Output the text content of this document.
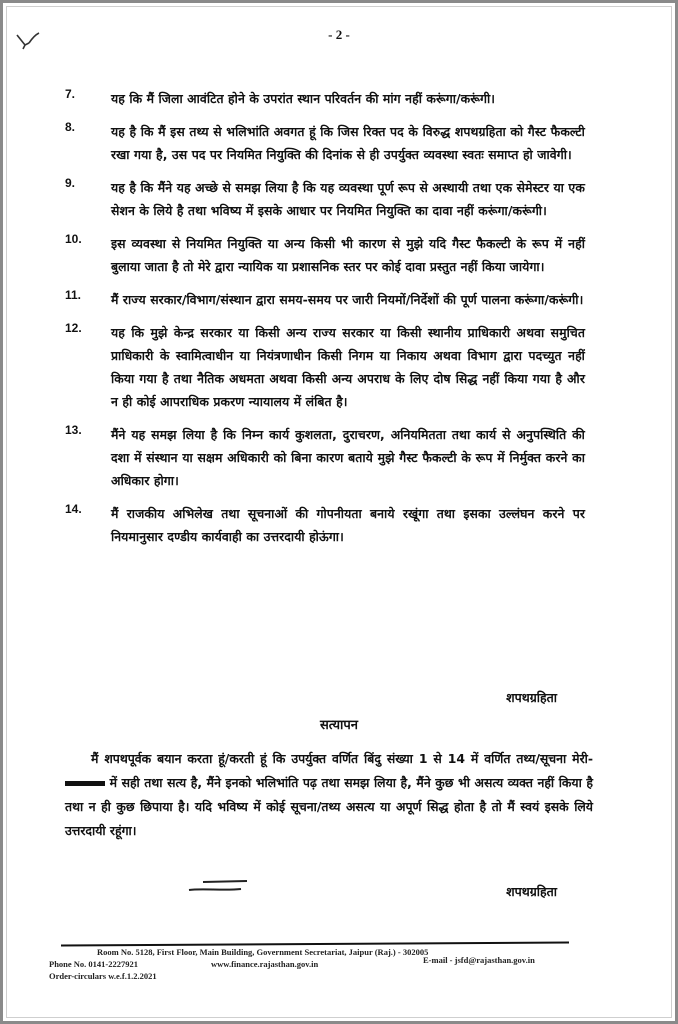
- 2 -
7.	यह कि मैं जिला आवंटित होने के उपरांत स्थान परिवर्तन की मांग नहीं करूंगा/करूंगी।
8.	यह है कि मैं इस तथ्य से भलिभांति अवगत हूं कि जिस रिक्त पद के विरुद्ध शपथग्रहिता को गैस्ट फैकल्टी रखा गया है, उस पद पर नियमित नियुक्ति की दिनांक से ही उपर्युक्त व्यवस्था स्वतः समाप्त हो जावेगी।
9.	यह है कि मैंने यह अच्छे से समझ लिया है कि यह व्यवस्था पूर्ण रूप से अस्थायी तथा एक सेमेस्टर या एक सेशन के लिये है तथा भविष्य में इसके आधार पर नियमित नियुक्ति का दावा नहीं करूंगा/करूंगी।
10. इस व्यवस्था से नियमित नियुक्ति या अन्य किसी भी कारण से मुझे यदि गैस्ट फैकल्टी के रूप में नहीं बुलाया जाता है तो मेरे द्वारा न्यायिक या प्रशासनिक स्तर पर कोई दावा प्रस्तुत नहीं किया जायेगा।
11. मैं राज्य सरकार/विभाग/संस्थान द्वारा समय-समय पर जारी नियमों/निर्देशों की पूर्ण पालना करूंगा/करूंगी।
12. यह कि मुझे केन्द्र सरकार या किसी अन्य राज्य सरकार या किसी स्थानीय प्राधिकारी अथवा समुचित प्राधिकारी के स्वामित्वाधीन या नियंत्रणाधीन किसी निगम या निकाय अथवा विभाग द्वारा पदच्युत नहीं किया गया है तथा नैतिक अधमता अथवा किसी अन्य अपराध के लिए दोष सिद्ध नहीं किया गया है और न ही कोई आपराधिक प्रकरण न्यायालय में लंबित है।
13. मैंने यह समझ लिया है कि निम्न कार्य कुशलता, दुराचरण, अनियमितता तथा कार्य से अनुपस्थिति की दशा में संस्थान या सक्षम अधिकारी को बिना कारण बताये मुझे गैस्ट फैकल्टी के रूप में निर्मुक्त करने का अधिकार होगा।
14. मैं राजकीय अभिलेख तथा सूचनाओं की गोपनीयता बनाये रखूंगा तथा इसका उल्लंघन करने पर नियमानुसार दण्डीय कार्यवाही का उत्तरदायी होऊंगा।
शपथग्रहिता
सत्यापन
मैं शपथपूर्वक बयान करता हूं/करती हूं कि उपर्युक्त वर्णित बिंदु संख्या 1 से 14 में वर्णित तथ्य/सूचना मेरी- में सही तथा सत्य है, मैंने इनको भलिभांति पढ़ तथा समझ लिया है, मैंने कुछ भी असत्य व्यक्त नहीं किया है तथा न ही कुछ छिपाया है। यदि भविष्य में कोई सूचना/तथ्य असत्य या अपूर्ण सिद्ध होता है तो मैं स्वयं इसके लिये उत्तरदायी रहूंगा।
शपथग्रहिता
Room No. 5128, First Floor, Main Building, Government Secretariat, Jaipur (Raj.) - 302005
E-mail - jsfd@rajasthan.gov.in
Phone No. 0141-2227921	www.finance.rajasthan.gov.in
Order-circulars w.e.f.1.2.2021
